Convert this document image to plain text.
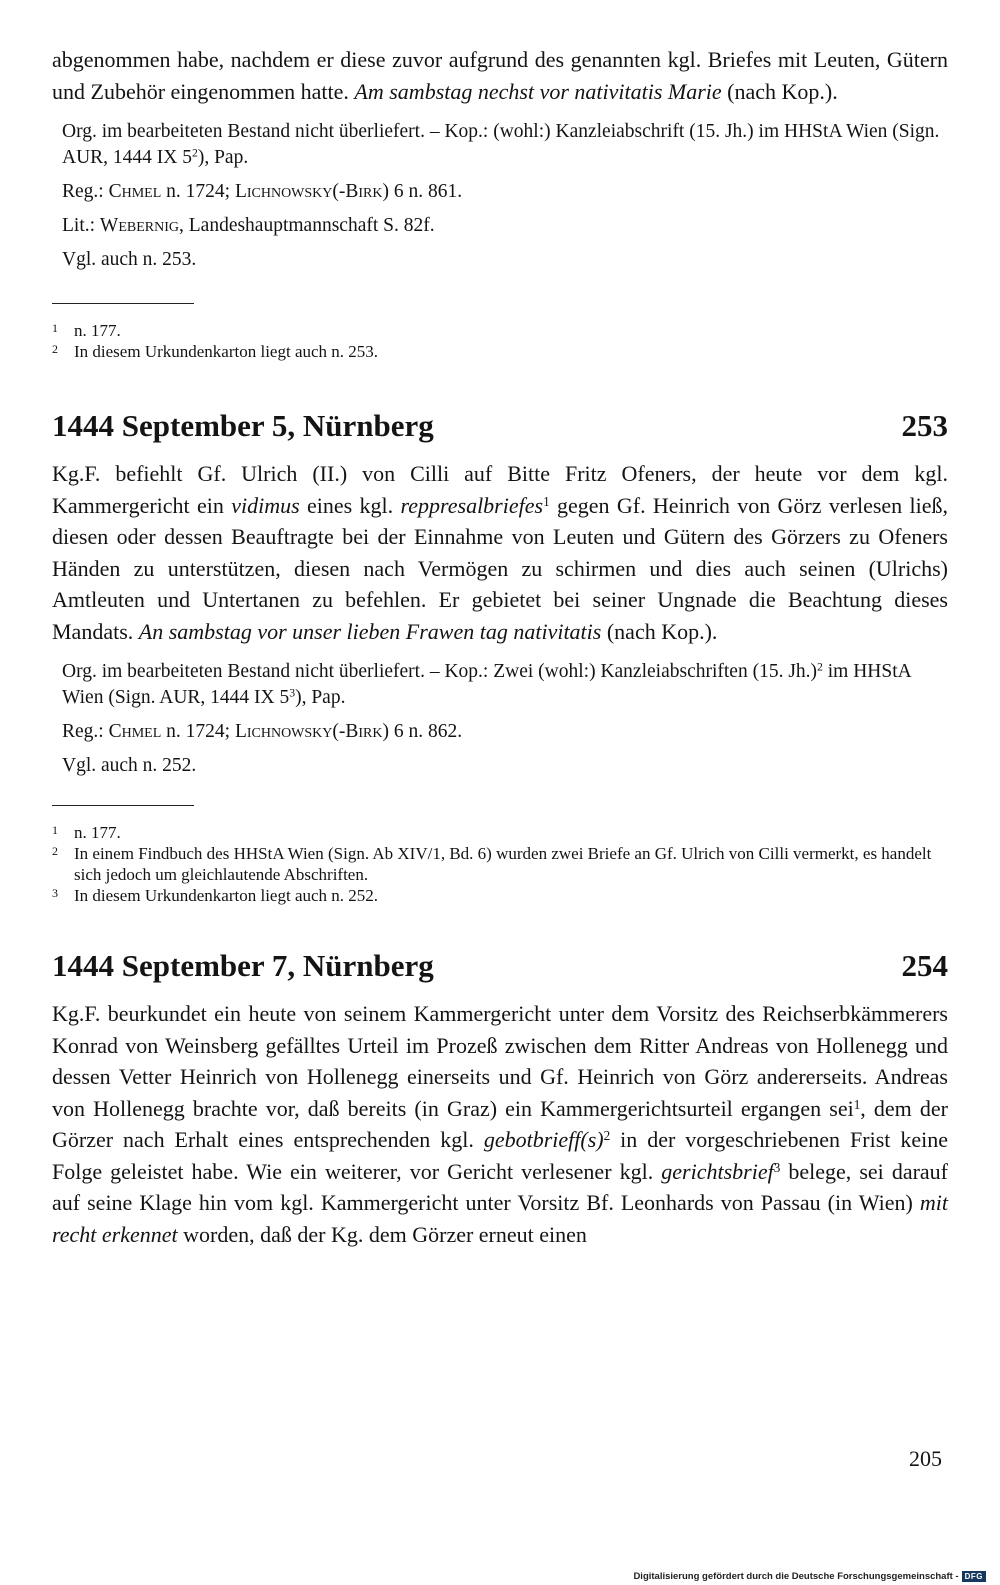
abgenommen habe, nachdem er diese zuvor aufgrund des genannten kgl. Briefes mit Leuten, Gütern und Zubehör eingenommen hatte. Am sambstag nechst vor nativitatis Marie (nach Kop.).

Org. im bearbeiteten Bestand nicht überliefert. – Kop.: (wohl:) Kanzleiabschrift (15. Jh.) im HHStA Wien (Sign. AUR, 1444 IX $5^2$), Pap.

Reg.: Chmel n. 1724; Lichnowsky(-Birk) 6 n. 861.

Lit.: Webernig, Landeshauptmannschaft S. 82f.

Vgl. auch n. 253.

1 n. 177.
2 In diesem Urkundenkarton liegt auch n. 253.
1444 September 5, Nürnberg	253

Kg.F. befiehlt Gf. Ulrich (II.) von Cilli auf Bitte Fritz Ofeners, der heute vor dem kgl. Kammergericht ein vidimus eines kgl. reppresalbriefes$^1$ gegen Gf. Heinrich von Görz verlesen ließ, diesen oder dessen Beauftragte bei der Einnahme von Leuten und Gütern des Görzers zu Ofeners Händen zu unterstützen, diesen nach Vermögen zu schirmen und dies auch seinen (Ulrichs) Amtleuten und Untertanen zu befehlen. Er gebietet bei seiner Ungnade die Beachtung dieses Mandats. An sambstag vor unser lieben Frawen tag nativitatis (nach Kop.).

Org. im bearbeiteten Bestand nicht überliefert. – Kop.: Zwei (wohl:) Kanzleiabschriften (15. Jh.)$^2$ im HHStA Wien (Sign. AUR, 1444 IX $5^3$), Pap.

Reg.: Chmel n. 1724; Lichnowsky(-Birk) 6 n. 862.

Vgl. auch n. 252.

1 n. 177.
2 In einem Findbuch des HHStA Wien (Sign. Ab XIV/1, Bd. 6) wurden zwei Briefe an Gf. Ulrich von Cilli vermerkt, es handelt sich jedoch um gleichlautende Abschriften.
3 In diesem Urkundenkarton liegt auch n. 252.
1444 September 7, Nürnberg	254

Kg.F. beurkundet ein heute von seinem Kammergericht unter dem Vorsitz des Reichserbkämmerers Konrad von Weinsberg gefälltes Urteil im Prozeß zwischen dem Ritter Andreas von Hollenegg und dessen Vetter Heinrich von Hollenegg einerseits und Gf. Heinrich von Görz andererseits. Andreas von Hollenegg brachte vor, daß bereits (in Graz) ein Kammergerichtsurteil ergangen sei$^1$, dem der Görzer nach Erhalt eines entsprechenden kgl. $gebotbrieff(s)^2$ in der vorgeschriebenen Frist keine Folge geleistet habe. Wie ein weiterer, vor Gericht verlesener kgl. gerichtsbrief$^3$ belege, sei darauf auf seine Klage hin vom kgl. Kammergericht unter Vorsitz Bf. Leonhards von Passau (in Wien) mit recht erkennet worden, daß der Kg. dem Görzer erneut einen

205
Digitalisierung gefördert durch die Deutsche Forschungsgemeinschaft - DFG
